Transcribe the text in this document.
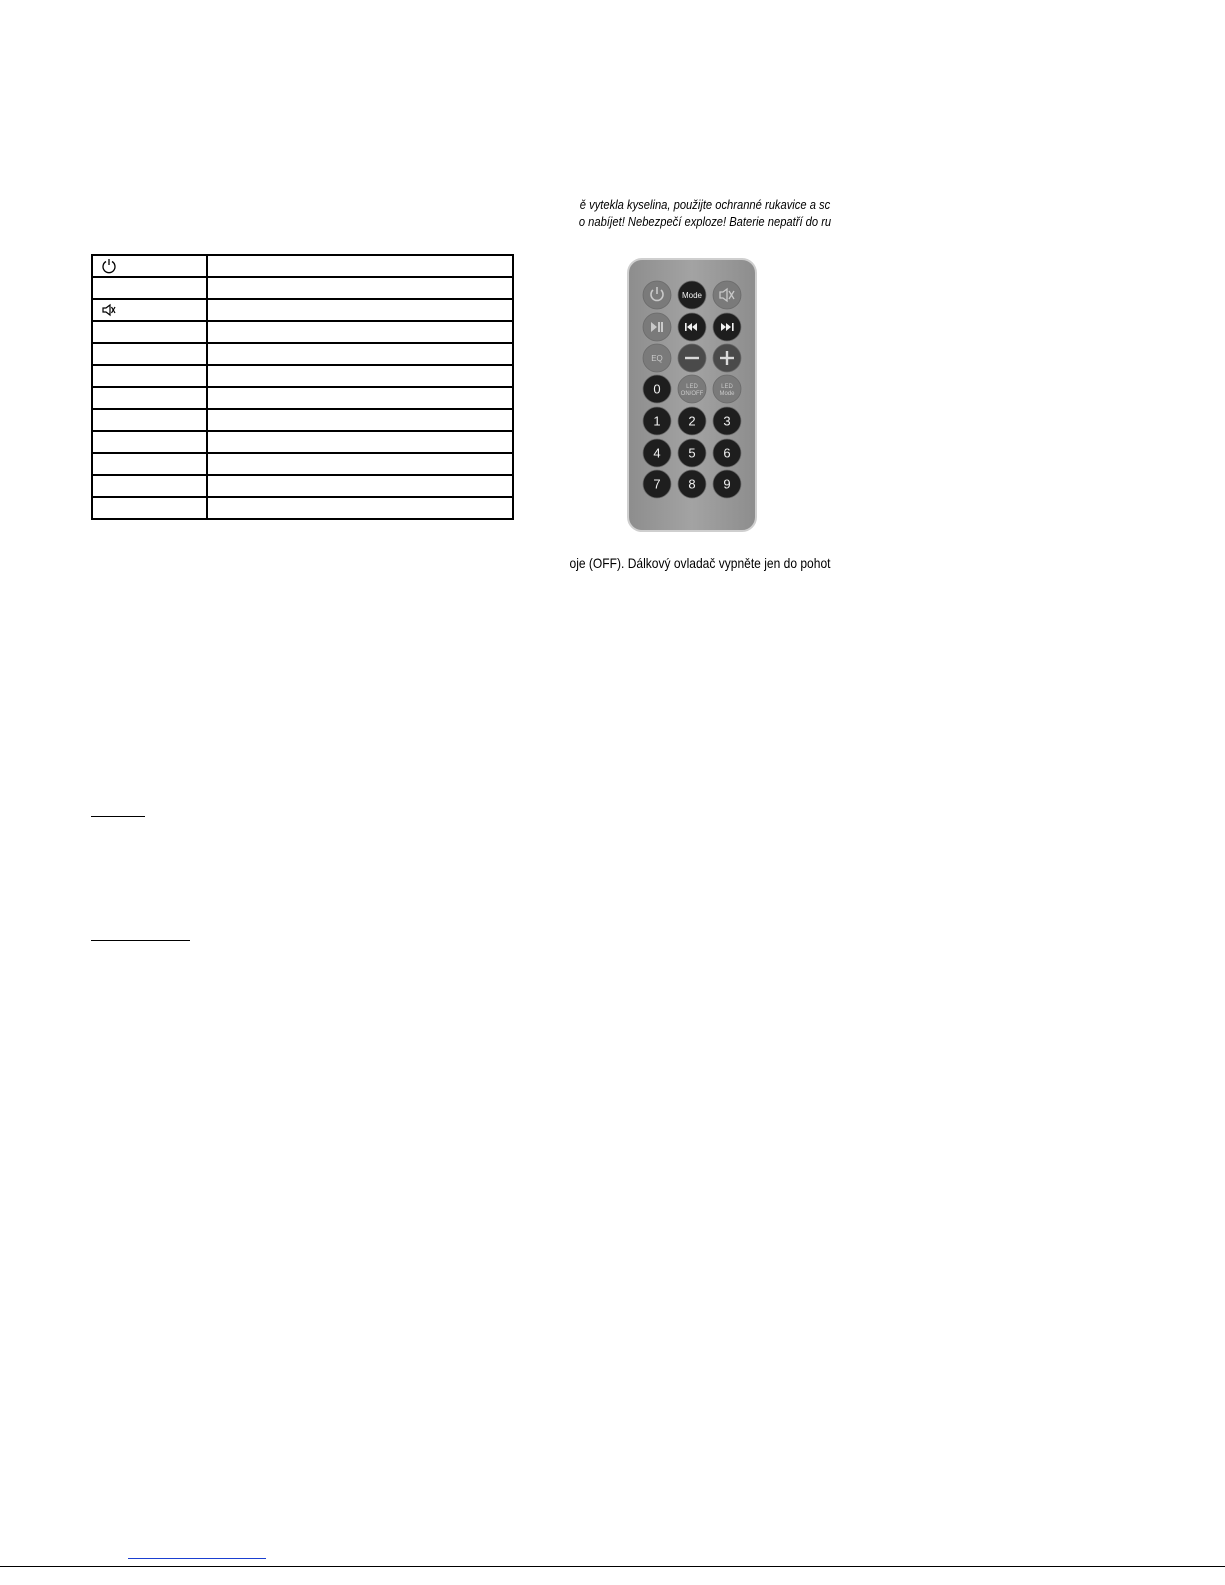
ě vytekla kyselina, použijte ochranné rukavice a sc
o nabíjet! Nebezpečí exploze! Baterie nepatří do ru

Mode
EQ
0	LED
ON/OFF
LED
Mode
1 2 3
4 5 6
7 8 9
oje (OFF). Dálkový ovladač vypněte jen do pohot
